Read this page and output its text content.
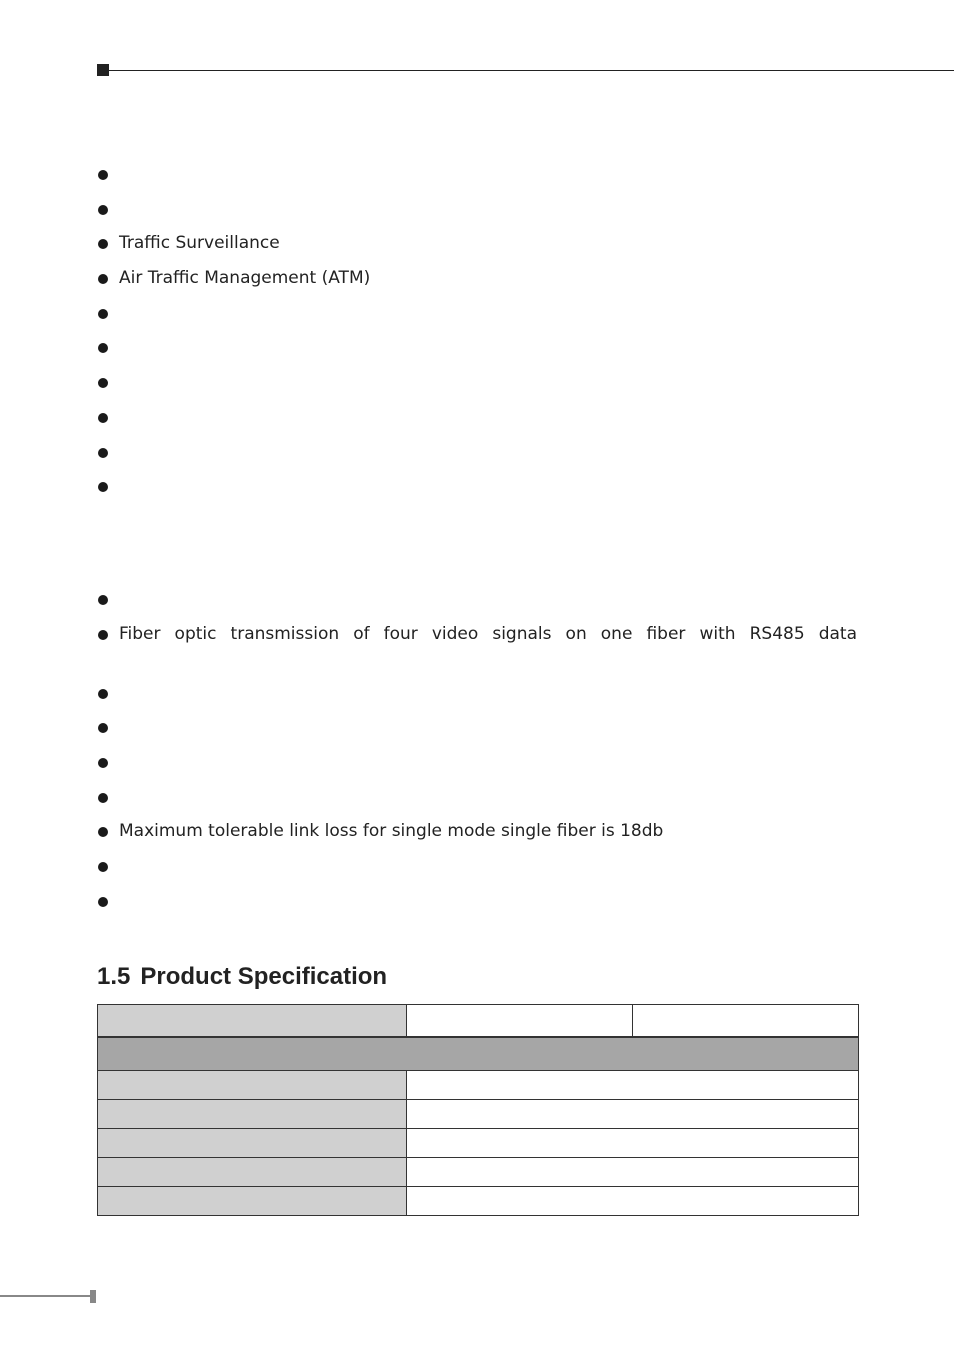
Traffic Surveillance
Air Traffic Management (ATM)
Fiber optic transmission of four video signals on one fiber with RS485 data
Maximum tolerable link loss for single mode single fiber is 18db
1.5 Product Specification
